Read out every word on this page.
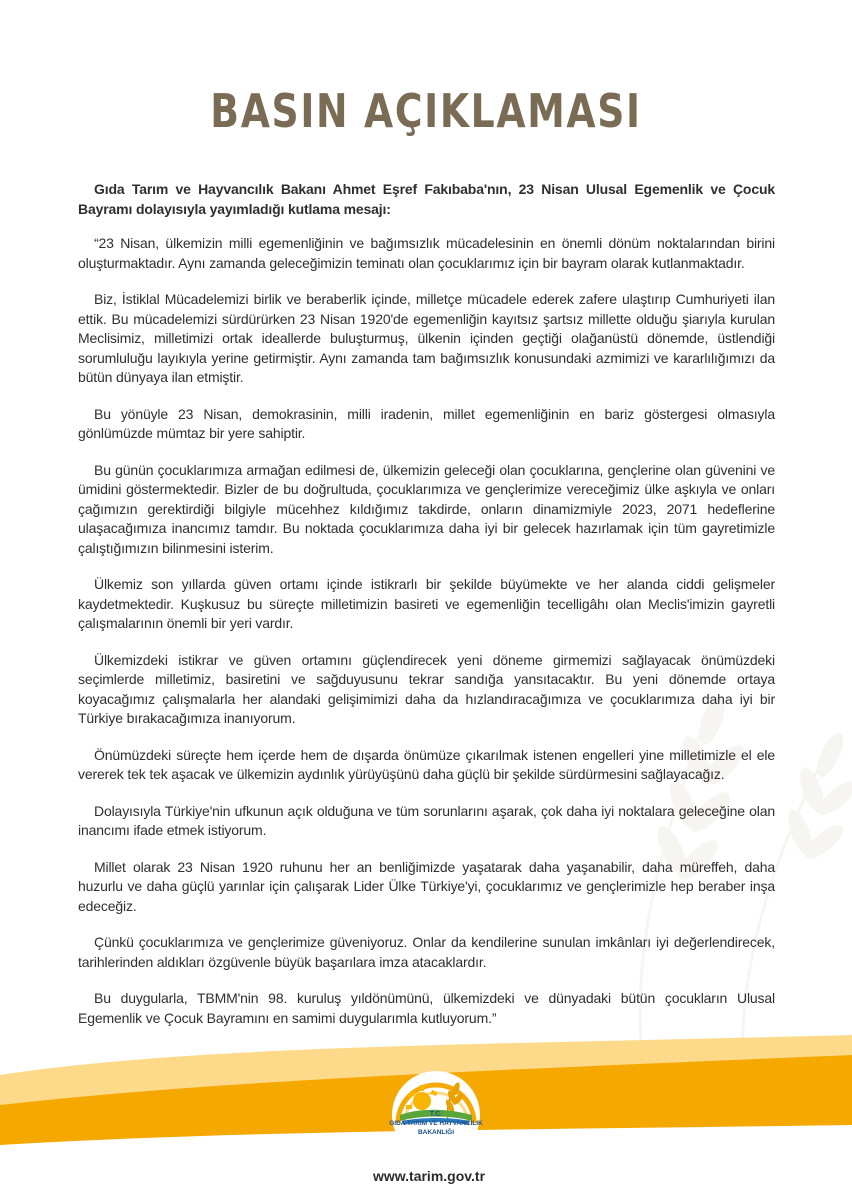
BASIN AÇIKLAMASI

Gıda Tarım ve Hayvancılık Bakanı Ahmet Eşref Fakıbaba'nın, 23 Nisan Ulusal Egemenlik ve Çocuk Bayramı dolayısıyla yayımladığı kutlama mesajı:

“23 Nisan, ülkemizin milli egemenliğinin ve bağımsızlık mücadelesinin en önemli dönüm noktalarından birini oluşturmaktadır. Aynı zamanda geleceğimizin teminatı olan çocuklarımız için bir bayram olarak kutlanmaktadır.

Biz, İstiklal Mücadelemizi birlik ve beraberlik içinde, milletçe mücadele ederek zafere ulaştırıp Cumhuriyeti ilan ettik. Bu mücadelemizi sürdürürken 23 Nisan 1920'de egemenliğin kayıtsız şartsız millette olduğu şiarıyla kurulan Meclisimiz, milletimizi ortak ideallerde buluşturmuş, ülkenin içinden geçtiği olağanüstü dönemde, üstlendiği sorumluluğu layıkıyla yerine getirmiştir. Aynı zamanda tam bağımsızlık konusundaki azmimizi ve kararlılığımızı da bütün dünyaya ilan etmiştir.

Bu yönüyle 23 Nisan, demokrasinin, milli iradenin, millet egemenliğinin en bariz göstergesi olmasıyla gönlümüzde mümtaz bir yere sahiptir.

Bu günün çocuklarımıza armağan edilmesi de, ülkemizin geleceği olan çocuklarına, gençlerine olan güvenini ve ümidini göstermektedir. Bizler de bu doğrultuda, çocuklarımıza ve gençlerimize vereceğimiz ülke aşkıyla ve onları çağımızın gerektirdiği bilgiyle mücehhez kıldığımız takdirde, onların dinamizmiyle 2023, 2071 hedeflerine ulaşacağımıza inancımız tamdır. Bu noktada çocuklarımıza daha iyi bir gelecek hazırlamak için tüm gayretimizle çalıştığımızın bilinmesini isterim.

Ülkemiz son yıllarda güven ortamı içinde istikrarlı bir şekilde büyümekte ve her alanda ciddi gelişmeler kaydetmektedir. Kuşkusuz bu süreçte milletimizin basireti ve egemenliğin tecelligâhı olan Meclis'imizin gayretli çalışmalarının önemli bir yeri vardır.

Ülkemizdeki istikrar ve güven ortamını güçlendirecek yeni döneme girmemizi sağlayacak önümüzdeki seçimlerde milletimiz, basiretini ve sağduyusunu tekrar sandığa yansıtacaktır. Bu yeni dönemde ortaya koyacağımız çalışmalarla her alandaki gelişimimizi daha da hızlandıracağımıza ve çocuklarımıza daha iyi bir Türkiye bırakacağımıza inanıyorum.

Önümüzdeki süreçte hem içerde hem de dışarda önümüze çıkarılmak istenen engelleri yine milletimizle el ele vererek tek tek aşacak ve ülkemizin aydınlık yürüyüşünü daha güçlü bir şekilde sürdürmesini sağlayacağız.

Dolayısıyla Türkiye'nin ufkunun açık olduğuna ve tüm sorunlarını aşarak, çok daha iyi noktalara geleceğine olan inancımı ifade etmek istiyorum.

Millet olarak 23 Nisan 1920 ruhunu her an benliğimizde yaşatarak daha yaşanabilir, daha müreffeh, daha huzurlu ve daha güçlü yarınlar için çalışarak Lider Ülke Türkiye'yi, çocuklarımız ve gençlerimizle hep beraber inşa edeceğiz.

Çünkü çocuklarımıza ve gençlerimize güveniyoruz. Onlar da kendilerine sunulan imkânları iyi değerlendirecek, tarihlerinden aldıkları özgüvenle büyük başarılara imza atacaklardır.

Bu duygularla, TBMM'nin 98. kuruluş yıldönümünü, ülkemizdeki ve dünyadaki bütün çocukların Ulusal Egemenlik ve Çocuk Bayramını en samimi duygularımla kutluyorum.”

T.C.
GIDA TARIM VE HAYVANCILIK
BAKANLIĞI
www.tarim.gov.tr
